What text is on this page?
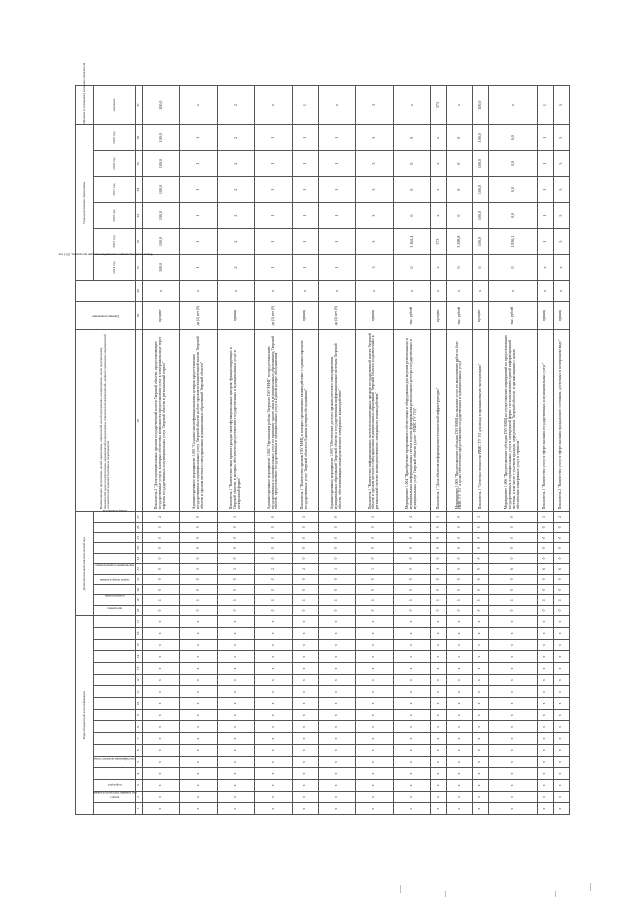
Коды бюджетной классификации																	Дополнительный аналитический код										Наименование программы, целей программы, показателей целей программы, подпрограмм, задач подпрограмм, показателей задач подпрограмм, мероприятий подпрограмм, показателей мероприятий, административных мероприятий и показателей административных мероприятий	Единица измерения	Финансовый год, предшествующий реализации программы, 2013 год	Годы реализации программы						Целевое (суммарное) значение показателя
код администратора программы	раздел	подраздел	классификация целевой статьи														программа	подпрограмма	задача подпрограммы	мероприятие подпрограммы						номер показателя				2014 год	2015 год	2016 год	2017 год	2018 год	2019 год	значение
1	2	3	4	5	6	7	8	9	10	11	12	13	14	15	16	17	18	19	20	21	22	23	24	25	26	27	28	29	30	31	32	33	34	35	36	37
х	х	х	х	х	х	х	х	х	х	х	х	х	х	х	х	х	0	1	0	0	0	0	0	0	0	2	Показатель 2 "Доля муниципальных органов государственной власти Тверской области, предоставляющих государственные услуги, в которых обеспечена возможность предоставления услуг в электронном виде через порталы государственных и муниципальных услуг Тверской области и региональный портал"	процент	х	100,0	100,0	100,0	100,0	100,0	100,0	100,0
х	х	х	х	х	х	х	х	х	х	х	х	х	х	х	х	х	0	1	0	0	1	0	0	0	0	0	Административное мероприятие 1.001 "Создание многофункциональных центров предоставления государственных и муниципальных услуг Тверской области на базе органов исполнительной власти Тверской области и органов местного самоуправления муниципальных образований Тверской области"	да (1) нет (0)	х	1	1	1	1	1	1	х
х	х	х	х	х	х	х	х	х	х	х	х	х	х	х	х	х	0	1	0	0	1	0	0	0	0	1	Показатель 1 "Количество окон приема граждан многофункциональных центров, функционирующих в Тверской области, в которых обеспечено предоставление государственных и муниципальных услуг в электронной форме"	единиц	х	2	2	2	2	2	2	2
х	х	х	х	х	х	х	х	х	х	х	х	х	х	х	х	х	0	1	0	0	2	0	0	0	0	0	Административное мероприятие 1.002 "Организация работы Тверского ГАУ МФЦ" по предоставлению государственных и муниципальных услуг по принципу одного окна в муниципальных образованиях Тверской области, предоставление государственных и муниципальных услуг в Едином центре обслуживания"	да (1) нет (0)	х	1	1	1	1	1	1	х
х	х	х	х	х	х	х	х	х	х	х	х	х	х	х	х	х	0	1	0	0	2	0	0	0	0	1	Показатель 1 "Количество органов ГАУ МФЦ, в которых организовано взаимодействие с единым порталом государственных услуг Тверской области и Единым центром обслуживания"	единиц	х	1	1	1	1	1	1	1
х	х	х	х	х	х	х	х	х	х	х	х	х	х	х	х	х	0	1	0	0	3	0	0	0	0	0	Административное мероприятие 1.003 "Обеспечение доступа органам местного самоуправления муниципальных образований Тверской области к государственным информационным системам Тверской области, обеспечивающим межведомственное электронное взаимодействие"	да (1) нет (0)	х	1	1	1	1	1	1	х
х	х	х	х	х	х	х	х	х	х	х	х	х	х	х	х	х	0	1	0	0	3	0	0	0	0	1	Показатель 1 "Количество информационных систем исполнительных органов государственной власти Тверской области и органов местного самоуправления муниципальных образований Тверской области, подключенных к региональной системе межведомственного электронного взаимодействия"	единиц	х	3	3	3	3	3	3	3
х	х	х	х	х	х	х	х	х	х	х	х	х	х	х	х	х	0	1	0	0	0	0	0	0	0	4	Мероприятие 1.004 "Приобретение программного обеспечения и оборудования для ведения регионального и муниципальных информационных систем в целях формирования регионального реестра государственных и муниципальных услуг Тверской области (далее - РИИС ГУ ТО)"	тыс. рублей	х	0	3 162,4	0	0	0	0	х
х	х	х	х	х	х	х	х	х	х	х	х	х	х	х	х	х	0	1	0	0	4	0	0	0	0	1	Показатель 1 "Доля объектов информационно-технической инфраструктуры"	процент	х	х	373	х	х	х	х	373
х	х	х	х	х	х	х	х	х	х	х	х	х	х	х	х	х	0	1	0	0	5	0	0	0	0	0	Мероприятие 1.005 "Предоставление субсидии ГАУ МФЦ на оказание услуг по выполнению работ на базе РИИС ГУ ТО" в целях обеспечения предоставления государственных и муниципальных услуг"	тыс. рублей	х	0	3 298,8	0	0	0	0	х
х	х	х	х	х	х	х	х	х	х	х	х	х	х	х	х	х	0	1	0	0	5	0	0	0	0	1	Показатель 1 "Степень готовности РИИС ГУ ТО для ввода в промышленную эксплуатацию"	процент	х	0	100,0	100,0	100,0	100,0	100,0	100,0
х	х	х	х	х	х	х	х	х	х	х	х	х	х	х	х	х	0	1	0	0	6	0	0	0	0	0	Мероприятие 1.006 "Предоставление субсидии ГАУ МФЦ на осуществление мероприятий по предоставлению государственных и муниципальных услуг в электронной форме с использованием единой информационной системы, в том числе с участием граждан, определенных Тверской области, и организациями с целью обеспечения электронных услуг и сервисов"	тыс. рублей	х	0	1 836,1	0,0	0,0	0,0	0,0	х
х	х	х	х	х	х	х	х	х	х	х	х	х	х	х	х	х	0	1	0	0	6	0	0	0	0	1	Показатель 1 "Количество услуг в сфере оказания государственных и муниципальных услуг"	единиц	х	х	1	1	1	1	1	1
х	х	х	х	х	х	х	х	х	х	х	х	х	х	х	х	х	0	1	0	0	6	0	0	0	0	2	Показатель 2 "Количество услуг в сфере оказания гражданского состояния, доступных в электронном виде"	единиц	х	х	5	5	5	5	5	5
